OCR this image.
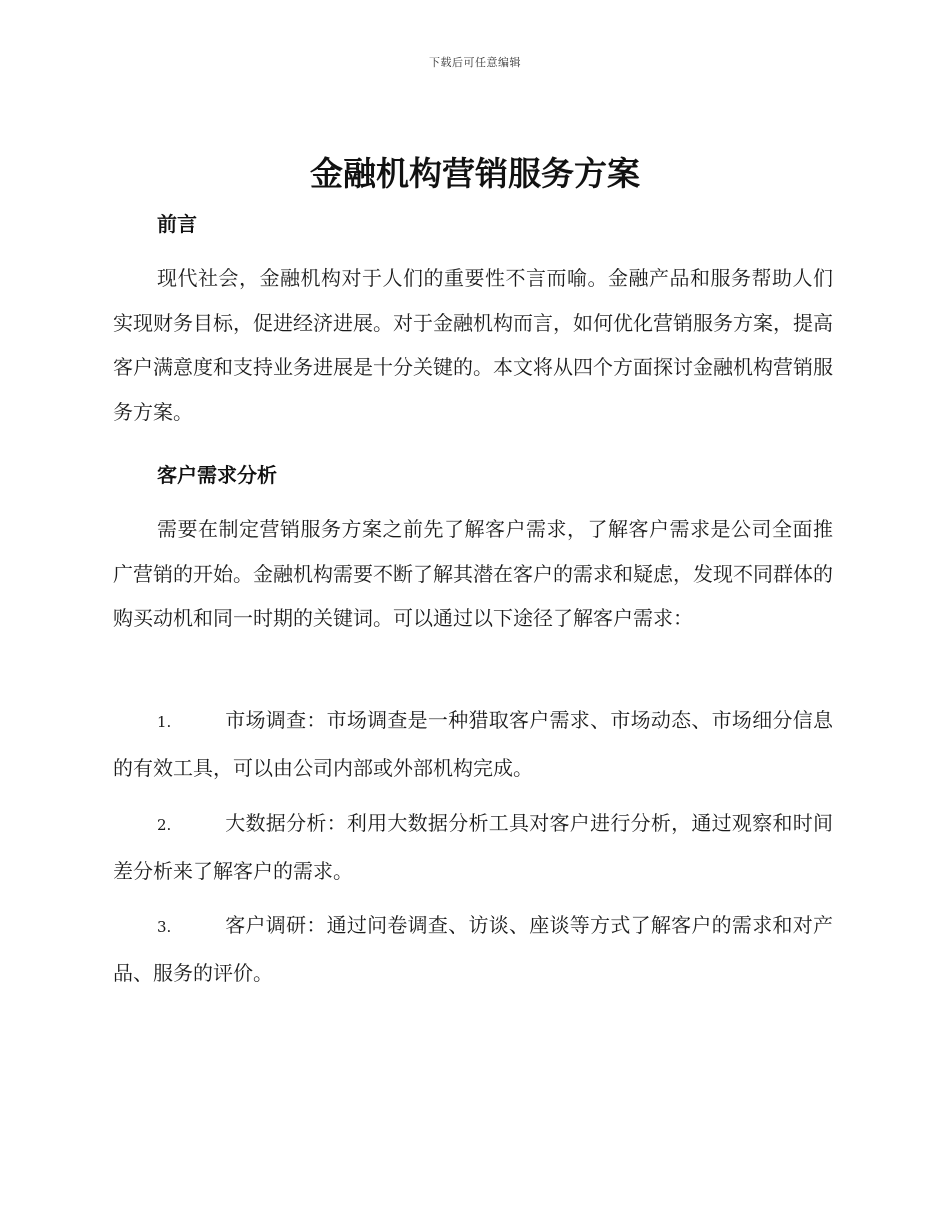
下载后可任意编辑
金融机构营销服务方案
前言

现代社会，金融机构对于人们的重要性不言而喻。金融产品和服务帮助人们实现财务目标，促进经济进展。对于金融机构而言，如何优化营销服务方案，提高客户满意度和支持业务进展是十分关键的。本文将从四个方面探讨金融机构营销服务方案。

客户需求分析

需要在制定营销服务方案之前先了解客户需求，了解客户需求是公司全面推广营销的开始。金融机构需要不断了解其潜在客户的需求和疑虑，发现不同群体的购买动机和同一时期的关键词。可以通过以下途径了解客户需求：

1.	市场调查：市场调查是一种猎取客户需求、市场动态、市场细分信息的有效工具，可以由公司内部或外部机构完成。

2.	大数据分析：利用大数据分析工具对客户进行分析，通过观察和时间差分析来了解客户的需求。

3.	客户调研：通过问卷调查、访谈、座谈等方式了解客户的需求和对产品、服务的评价。
